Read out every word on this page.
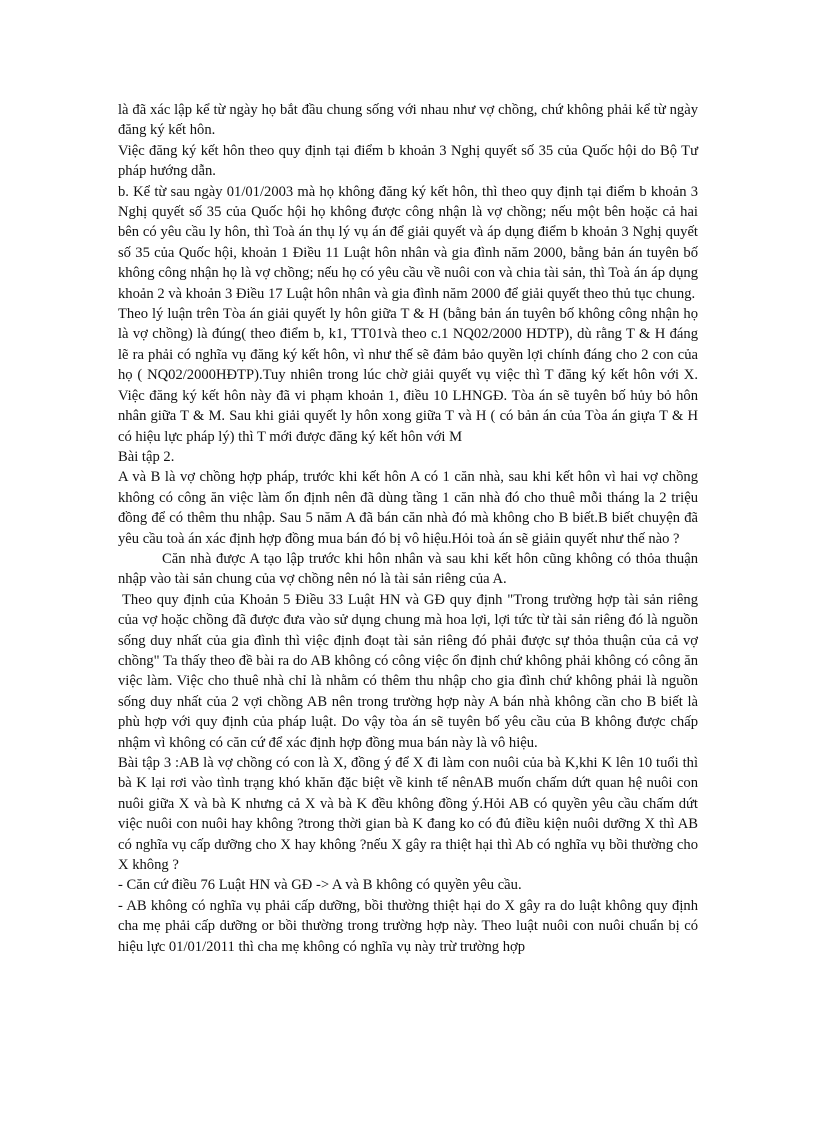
là đã xác lập kể từ ngày họ bắt đầu chung sống với nhau như vợ chồng, chứ không phải kể từ ngày đăng ký kết hôn.

Việc đăng ký kết hôn theo quy định tại điểm b khoản 3 Nghị quyết số 35 của Quốc hội do Bộ Tư pháp hướng dẫn.

b. Kể từ sau ngày 01/01/2003 mà họ không đăng ký kết hôn, thì theo quy định tại điểm b khoản 3 Nghị quyết số 35 của Quốc hội họ không được công nhận là vợ chồng; nếu một bên hoặc cả hai bên có yêu cầu ly hôn, thì Toà án thụ lý vụ án để giải quyết và áp dụng điểm b khoản 3 Nghị quyết số 35 của Quốc hội, khoản 1 Điều 11 Luật hôn nhân và gia đình năm 2000, bằng bản án tuyên bố không công nhận họ là vợ chồng; nếu họ có yêu cầu về nuôi con và chia tài sản, thì Toà án áp dụng khoản 2 và khoản 3 Điều 17 Luật hôn nhân và gia đình năm 2000 để giải quyết theo thủ tục chung.

Theo lý luận trên Tòa án giải quyết ly hôn giữa T & H (bằng bản án tuyên bố không công nhận họ là vợ chồng) là đúng( theo điểm b, k1, TT01và theo c.1 NQ02/2000 HDTP), dù rằng T & H đáng lẽ ra phải có nghĩa vụ đăng ký kết hôn, vì như thế sẽ đảm bảo quyền lợi chính đáng cho 2 con của họ ( NQ02/2000HĐTP).Tuy nhiên trong lúc chờ giải quyết vụ việc thì T đăng ký kết hôn với X. Việc đăng ký kết hôn này đã vi phạm khoản 1, điều 10 LHNGĐ. Tòa án sẽ tuyên bố hủy bỏ hôn nhân giữa T & M. Sau khi giải quyết ly hôn xong giữa T và H ( có bản án của Tòa án giựa T & H có hiệu lực pháp lý) thì T mới được đăng ký kết hôn với M

Bài tập 2.

A và B là vợ chồng hợp pháp, trước khi kết hôn A có 1 căn nhà, sau khi kết hôn vì hai vợ chồng không có công ăn việc làm ổn định nên đã dùng tầng 1 căn nhà đó cho thuê mỗi tháng la 2 triệu đồng để có thêm thu nhập. Sau 5 năm A đã bán căn nhà đó mà không cho B biết.B biết chuyện đã yêu cầu toà án xác định hợp đồng mua bán đó bị vô hiệu.Hỏi toà án sẽ giảin quyết như thế nào ?

Căn nhà được A tạo lập trước khi hôn nhân và sau khi kết hôn cũng không có thỏa thuận nhập vào tài sản chung của vợ chồng nên nó là tài sản riêng của A.

Theo quy định của Khoản 5 Điều 33 Luật HN và GĐ quy định "Trong trường hợp tài sản riêng của vợ hoặc chồng đã được đưa vào sử dụng chung mà hoa lợi, lợi tức từ tài sản riêng đó là nguồn sống duy nhất của gia đình thì việc định đoạt tài sản riêng đó phải được sự thỏa thuận của cả vợ chồng" Ta thấy theo đề bài ra do AB không có công việc ổn định chứ không phải không có công ăn việc làm. Việc cho thuê nhà chỉ là nhằm có thêm thu nhập cho gia đình chứ không phải là nguồn sống duy nhất của 2 vợi chồng AB nên trong trường hợp này A bán nhà không cần cho B biết là phù hợp với quy định của pháp luật. Do vậy tòa án sẽ tuyên bố yêu cầu của B không được chấp nhậm vì không có căn cứ để xác định hợp đồng mua bán này là vô hiệu.

Bài tập 3 :AB là vợ chồng có con là X, đồng ý để X đi làm con nuôi của bà K,khi K lên 10 tuổi thì bà K lại rơi vào tình trạng khó khăn đặc biệt về kinh tế nênAB muốn chấm dứt quan hệ nuôi con nuôi giữa X và bà K nhưng cả X và bà K đều không đồng ý.Hỏi AB có quyền yêu cầu chấm dứt việc nuôi con nuôi hay không ?trong thời gian bà K đang ko có đủ điều kiện nuôi dưỡng X thì AB có nghĩa vụ cấp dưỡng cho X hay không ?nếu X gây ra thiệt hại thì Ab có nghĩa vụ bồi thường cho X không ?

- Căn cứ điều 76 Luật HN và GĐ -> A và B không có quyền yêu cầu.

- AB không có nghĩa vụ phải cấp dưỡng, bồi thường thiệt hại do X gây ra do luật không quy định cha mẹ phải cấp dưỡng or bồi thường trong trường hợp này. Theo luật nuôi con nuôi chuẩn bị có hiệu lực 01/01/2011 thì cha mẹ không có nghĩa vụ này trừ trường hợp
